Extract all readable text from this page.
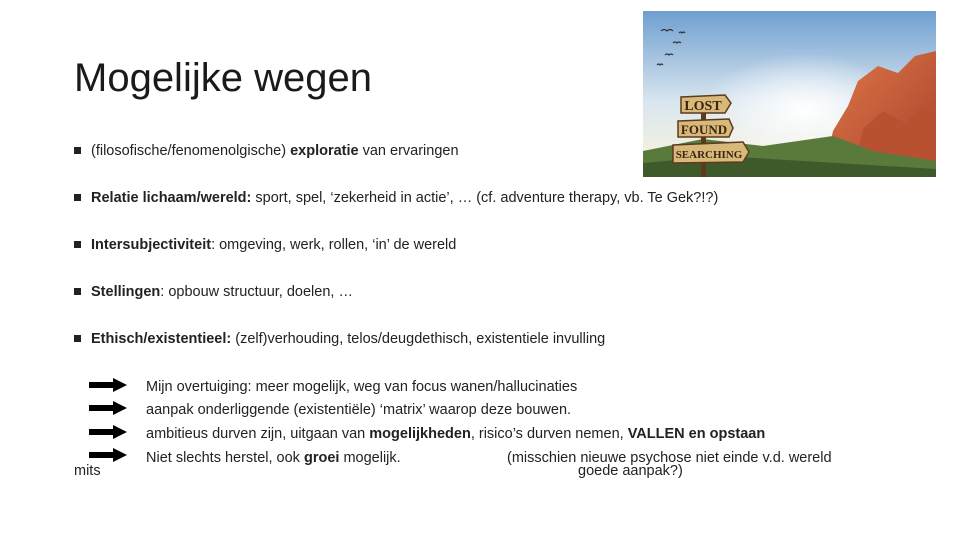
Mogelijke wegen
LOST
FOUND
SEARCHING
(filosofische/fenomenolgische) exploratie van ervaringen
Relatie lichaam/wereld: sport, spel, ‘zekerheid in actie’, … (cf. adventure therapy, vb. Te Gek?!?)
Intersubjectiviteit: omgeving, werk, rollen, ‘in’ de wereld
Stellingen: opbouw structuur, doelen, …
Ethisch/existentieel: (zelf)verhouding, telos/deugdethisch, existentiele invulling
Mijn overtuiging: meer mogelijk, weg van focus wanen/hallucinaties
aanpak onderliggende (existentiële) ‘matrix’ waarop deze bouwen.
ambitieus durven zijn, uitgaan van mogelijkheden, risico’s durven nemen, VALLEN en opstaan
Niet slechts herstel, ook groei mogelijk.	(misschien nieuwe psychose niet einde v.d. wereld
goede aanpak?)
mits
